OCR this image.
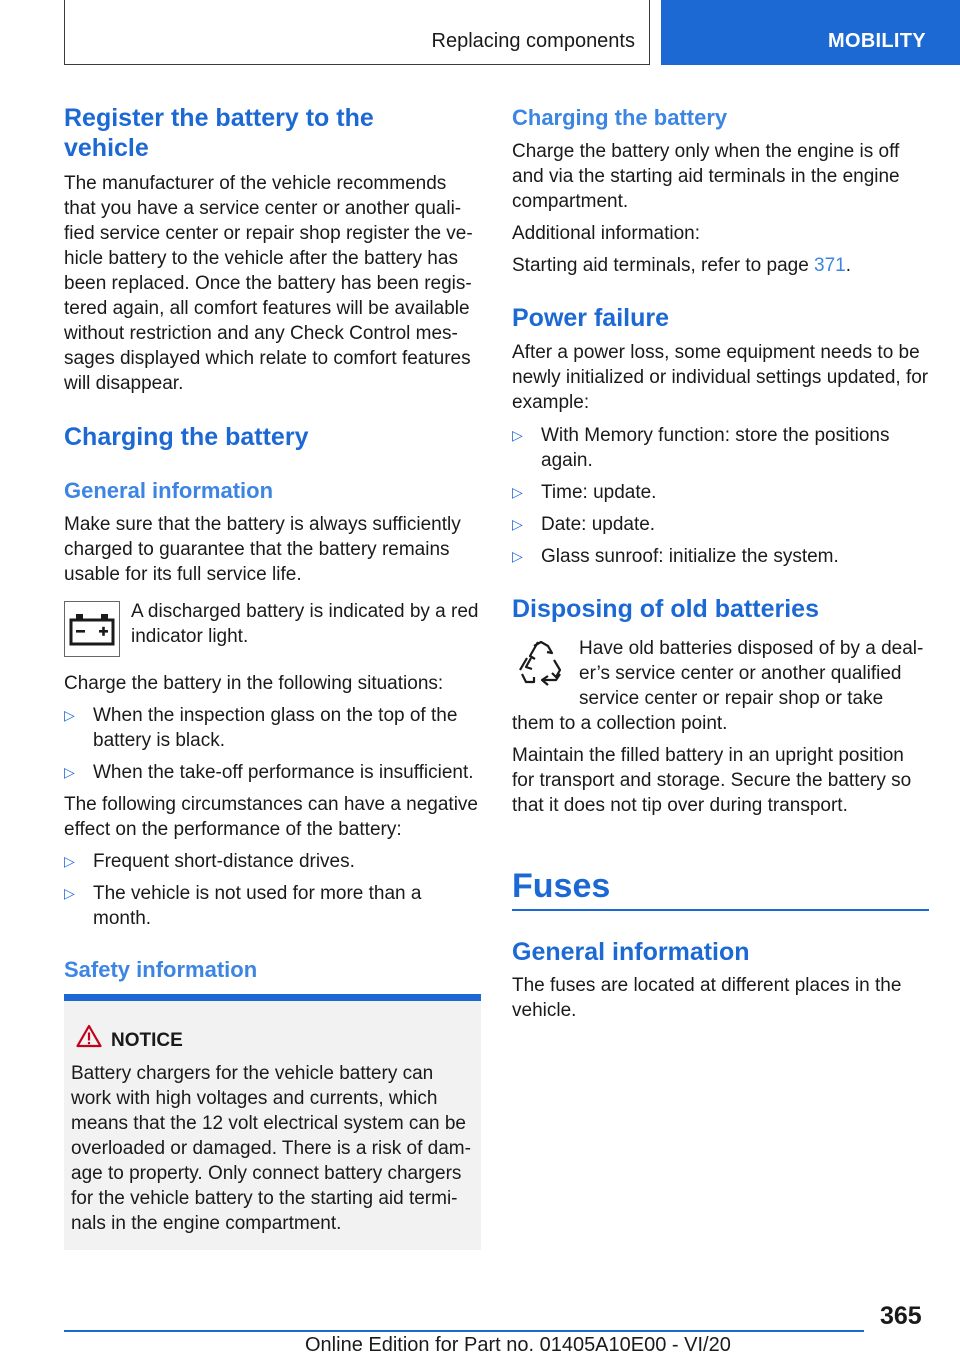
Replacing components	MOBILITY
Register the battery to the
vehicle
The manufacturer of the vehicle recommends
that you have a service center or another quali-
fied service center or repair shop register the ve-
hicle battery to the vehicle after the battery has
been replaced. Once the battery has been regis-
tered again, all comfort features will be available
without restriction and any Check Control mes-
sages displayed which relate to comfort features
will disappear.
Charging the battery
General information
Make sure that the battery is always sufficiently
charged to guarantee that the battery remains
usable for its full service life.
A discharged battery is indicated by a red
indicator light.
Charge the battery in the following situations:
▷ When the inspection glass on the top of the
battery is black.
▷ When the take-off performance is insufficient.
The following circumstances can have a negative
effect on the performance of the battery:
▷ Frequent short-distance drives.
▷ The vehicle is not used for more than a
month.
Safety information
NOTICE
Battery chargers for the vehicle battery can
work with high voltages and currents, which
means that the 12 volt electrical system can be
overloaded or damaged. There is a risk of dam-
age to property. Only connect battery chargers
for the vehicle battery to the starting aid termi-
nals in the engine compartment.
Charging the battery
Charge the battery only when the engine is off
and via the starting aid terminals in the engine
compartment.
Additional information:
Starting aid terminals, refer to page 371.
Power failure
After a power loss, some equipment needs to be
newly initialized or individual settings updated, for
example:
▷ With Memory function: store the positions
again.
▷ Time: update.
▷ Date: update.
▷ Glass sunroof: initialize the system.
Disposing of old batteries
Have old batteries disposed of by a deal-
er’s service center or another qualified
service center or repair shop or take
them to a collection point.
Maintain the filled battery in an upright position
for transport and storage. Secure the battery so
that it does not tip over during transport.
Fuses
General information
The fuses are located at different places in the
vehicle.
365
Online Edition for Part no. 01405A10E00 - VI/20
